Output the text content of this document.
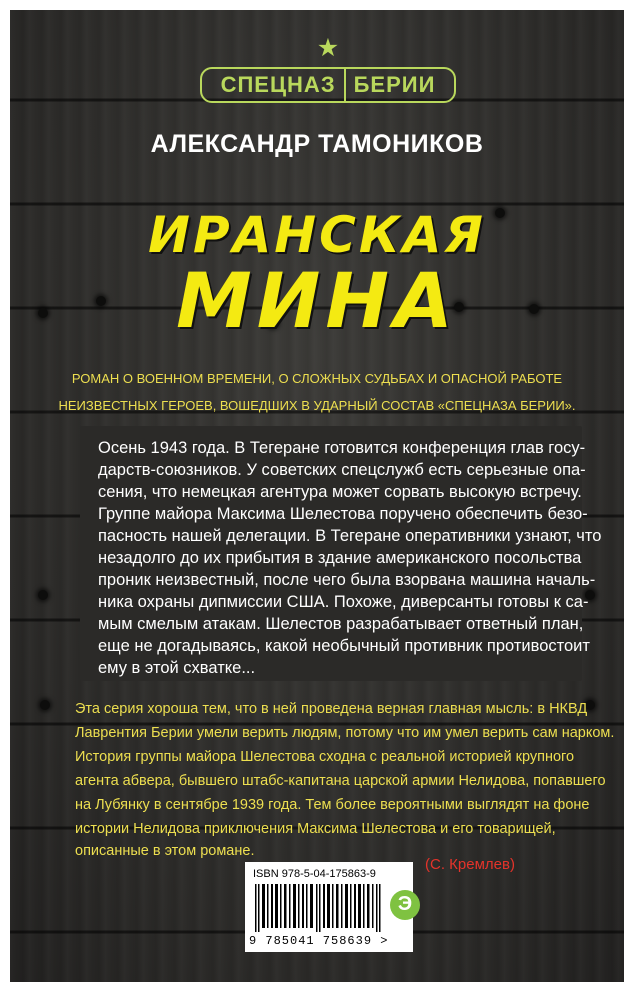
★
СПЕЦНАЗ БЕРИИ
АЛЕКСАНДР ТАМОНИКОВ
ИРАНСКАЯ
МИНА
РОМАН О ВОЕННОМ ВРЕМЕНИ, О СЛОЖНЫХ СУДЬБАХ И ОПАСНОЙ РАБОТЕ
НЕИЗВЕСТНЫХ ГЕРОЕВ, ВОШЕДШИХ В УДАРНЫЙ СОСТАВ «СПЕЦНАЗА БЕРИИ».
Осень 1943 года. В Тегеране готовится конференция глав госу-
дарств-союзников. У советских спецслужб есть серьезные опа-
сения, что немецкая агентура может сорвать высокую встречу.
Группе майора Максима Шелестова поручено обеспечить безо-
пасность нашей делегации. В Тегеране оперативники узнают, что
незадолго до их прибытия в здание американского посольства
проник неизвестный, после чего была взорвана машина началь-
ника охраны дипмиссии США. Похоже, диверсанты готовы к са-
мым смелым атакам. Шелестов разрабатывает ответный план,
еще не догадываясь, какой необычный противник противостоит
ему в этой схватке...
Эта серия хороша тем, что в ней проведена верная главная мысль: в НКВД
Лаврентия Берии умели верить людям, потому что им умел верить сам нарком.
История группы майора Шелестова сходна с реальной историей крупного
агента абвера, бывшего штабс-капитана царской армии Нелидова, попавшего
на Лубянку в сентябре 1939 года. Тем более вероятными выглядят на фоне
истории Нелидова приключения Максима Шелестова и его товарищей,
описанные в этом романе.
(С. Кремлев)
ISBN 978-5-04-175863-9
9 785041 758639 >
Э
